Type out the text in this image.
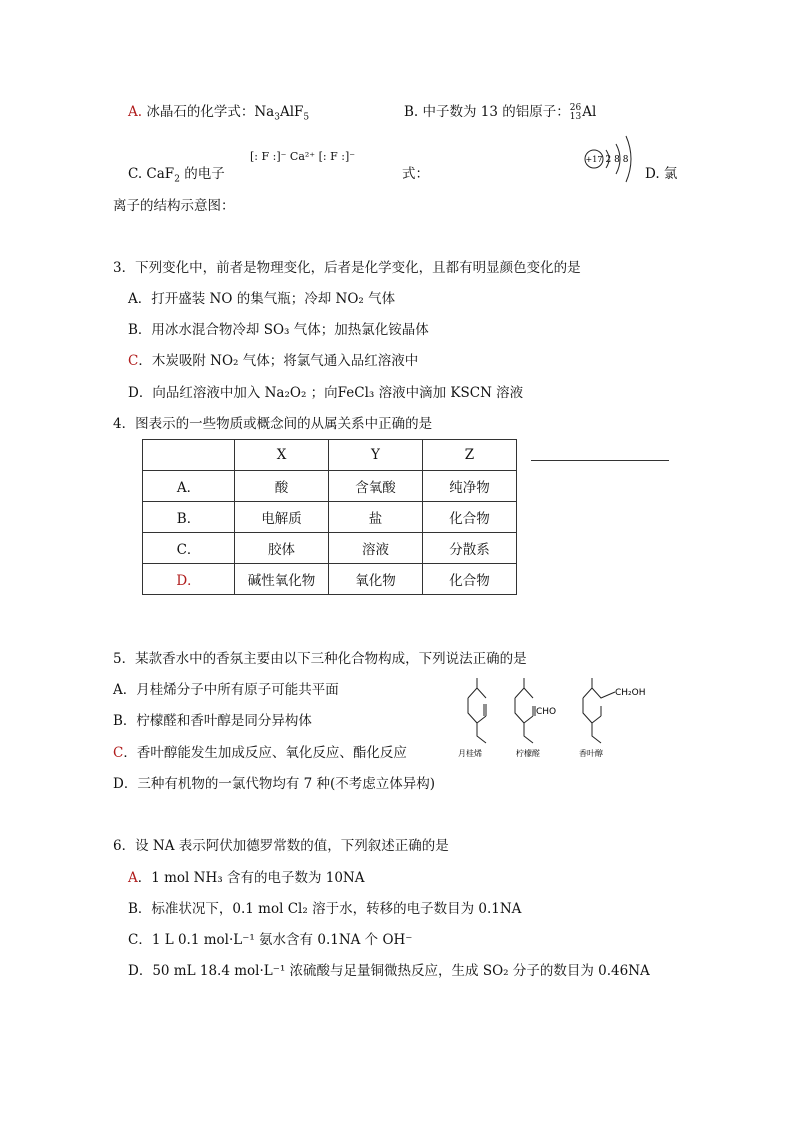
A. 冰晶石的化学式：$Na_3AlF_5$	B. 中子数为 13 的铝原子： 26
13 Al
C. CaF$_2$ 的电子
[: F :]⁻ Ca²⁺ [: F :]⁻
式：
+17 2 8 8
D. 氯
离子的结构示意图：
3．下列变化中，前者是物理变化，后者是化学变化，且都有明显颜色变化的是
A．打开盛装 NO 的集气瓶；冷却 NO₂ 气体
B．用冰水混合物冷却 SO₃ 气体；加热氯化铵晶体
C．木炭吸附 NO₂ 气体；将氯气通入品红溶液中
D．向品红溶液中加入 Na₂O₂ ；向FeCl₃ 溶液中滴加 KSCN 溶液
4．图表示的一些物质或概念间的从属关系中正确的是
	X	Y	Z
A．	酸	含氧酸	纯净物
B．	电解质	盐	化合物
C．	胶体	溶液	分散系
D．	碱性氧化物	氧化物	化合物
5．某款香水中的香氛主要由以下三种化合物构成，下列说法正确的是
A．月桂烯分子中所有原子可能共平面
B．柠檬醛和香叶醇是同分异构体
C．香叶醇能发生加成反应、氧化反应、酯化反应
D．三种有机物的一氯代物均有 7 种(不考虑立体异构)
CHO
CH₂OH
月桂烯	柠檬醛	香叶醇
6．设 NA 表示阿伏加德罗常数的值，下列叙述正确的是
A．1 mol NH₃ 含有的电子数为 10NA
B．标准状况下，0.1 mol Cl₂ 溶于水，转移的电子数目为 0.1NA
C．1 L 0.1 mol·L⁻¹ 氨水含有 0.1NA 个 OH⁻
D．50 mL 18.4 mol·L⁻¹ 浓硫酸与足量铜微热反应，生成 SO₂ 分子的数目为 0.46NA
